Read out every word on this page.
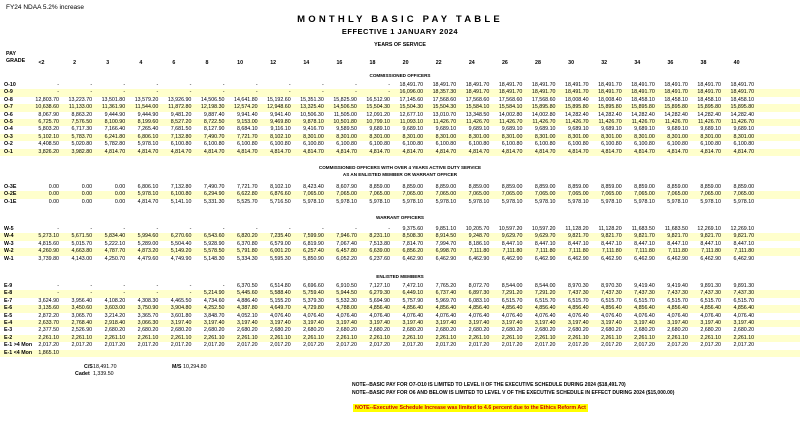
FY24 NDAA 5.2% increase
MONTHLY BASIC PAY TABLE
EFFECTIVE 1 JANUARY 2024
YEARS OF SERVICE
PAY
GRADE	<2	2	3	4	6	8	10	12	14	16	18	20	22	24	26	28	30	32	34	36	38	40
COMMISSIONED OFFICERS
O-10	-	-	-	-	-	-	-	-	-	-	-	18,491.70	18,491.70	18,491.70	18,491.70	18,491.70	18,491.70	18,491.70	18,491.70	18,491.70	18,491.70	18,491.70
O-9	-	-	-	-	-	-	-	-	-	-	-	16,096.00	18,357.30	18,491.70	18,491.70	18,491.70	18,491.70	18,491.70	18,491.70	18,491.70	18,491.70	18,491.70
O-8	12,803.70	13,223.70	13,501.80	13,579.20	13,926.90	14,506.50	14,641.80	15,192.60	15,351.30	15,825.90	16,512.90	17,145.60	17,568.60	17,568.60	17,568.60	17,568.60	18,008.40	18,008.40	18,458.10	18,458.10	18,458.10	18,458.10
O-7	10,638.60	11,133.00	11,361.90	11,544.00	11,872.80	12,198.30	12,574.20	12,948.60	13,325.40	14,506.50	15,504.30	15,504.30	15,504.30	15,584.10	15,584.10	15,895.80	15,895.80	15,895.80	15,895.80	15,895.80	15,895.80	15,895.80
O-6	8,067.90	8,863.20	9,444.90	9,444.90	9,481.20	9,887.40	9,941.40	9,941.40	10,506.30	11,505.00	12,091.20	12,677.10	13,010.70	13,348.50	14,002.80	14,002.80	14,282.40	14,282.40	14,282.40	14,282.40	14,282.40	14,282.40
O-5	6,725.70	7,576.50	8,100.90	8,199.60	8,527.20	8,722.50	9,153.00	9,469.80	9,878.10	10,501.80	10,799.10	11,093.10	11,426.70	11,426.70	11,426.70	11,426.70	11,426.70	11,426.70	11,426.70	11,426.70	11,426.70	11,426.70
O-4	5,803.20	6,717.30	7,166.40	7,265.40	7,681.50	8,127.90	8,684.10	9,116.10	9,416.70	9,589.50	9,689.10	9,689.10	9,689.10	9,689.10	9,689.10	9,689.10	9,689.10	9,689.10	9,689.10	9,689.10	9,689.10	9,689.10
O-3	5,102.10	5,783.70	6,241.80	6,806.10	7,132.80	7,490.70	7,721.70	8,102.10	8,301.00	8,301.00	8,301.00	8,301.00	8,301.00	8,301.00	8,301.00	8,301.00	8,301.00	8,301.00	8,301.00	8,301.00	8,301.00	8,301.00
O-2	4,408.50	5,020.80	5,782.80	5,978.10	6,100.80	6,100.80	6,100.80	6,100.80	6,100.80	6,100.80	6,100.80	6,100.80	6,100.80	6,100.80	6,100.80	6,100.80	6,100.80	6,100.80	6,100.80	6,100.80	6,100.80	6,100.80
O-1	3,826.20	3,982.80	4,814.70	4,814.70	4,814.70	4,814.70	4,814.70	4,814.70	4,814.70	4,814.70	4,814.70	4,814.70	4,814.70	4,814.70	4,814.70	4,814.70	4,814.70	4,814.70	4,814.70	4,814.70	4,814.70	4,814.70
COMMISSIONED OFFICERS WITH OVER 4 YEARS ACTIVE DUTY SERVICE
AS AN ENLISTED MEMBER OR WARRANT OFFICER
O-3E	0.00	0.00	0.00	6,806.10	7,132.80	7,490.70	7,721.70	8,102.10	8,423.40	8,607.90	8,859.00	8,859.00	8,859.00	8,859.00	8,859.00	8,859.00	8,859.00	8,859.00	8,859.00	8,859.00	8,859.00	8,859.00
O-2E	0.00	0.00	0.00	5,978.10	6,100.80	6,294.90	6,622.80	6,876.60	7,065.00	7,065.00	7,065.00	7,065.00	7,065.00	7,065.00	7,065.00	7,065.00	7,065.00	7,065.00	7,065.00	7,065.00	7,065.00	7,065.00
O-1E	0.00	0.00	0.00	4,814.70	5,141.10	5,331.30	5,525.70	5,716.50	5,978.10	5,978.10	5,978.10	5,978.10	5,978.10	5,978.10	5,978.10	5,978.10	5,978.10	5,978.10	5,978.10	5,978.10	5,978.10	5,978.10
WARRANT OFFICERS
W-5	-	-	-	-	-	-	-	-	-	-	-	9,375.60	9,851.10	10,205.70	10,597.20	10,597.20	11,128.20	11,128.20	11,683.50	11,683.50	12,269.10	12,269.10
W-4	5,273.10	5,671.50	5,834.40	5,994.60	6,270.60	6,543.60	6,820.20	7,235.40	7,599.90	7,946.70	8,231.10	8,508.30	8,914.50	9,248.70	9,629.70	9,629.70	9,821.70	9,821.70	9,821.70	9,821.70	9,821.70	9,821.70
W-3	4,815.60	5,015.70	5,222.10	5,289.00	5,504.40	5,928.90	6,370.80	6,579.00	6,819.90	7,067.40	7,513.80	7,814.70	7,994.70	8,186.10	8,447.10	8,447.10	8,447.10	8,447.10	8,447.10	8,447.10	8,447.10	8,447.10
W-2	4,260.90	4,663.80	4,787.70	4,873.20	5,149.20	5,578.50	5,791.80	6,001.20	6,257.40	6,457.80	6,639.00	6,856.20	6,998.70	7,111.80	7,111.80	7,111.80	7,111.80	7,111.80	7,111.80	7,111.80	7,111.80	7,111.80
W-1	3,739.80	4,143.00	4,250.70	4,479.60	4,749.90	5,148.30	5,334.30	5,595.30	5,850.90	6,052.20	6,237.60	6,462.90	6,462.90	6,462.90	6,462.90	6,462.90	6,462.90	6,462.90	6,462.90	6,462.90	6,462.90	6,462.90
ENLISTED MEMBERS
E-9	-	-	-	-	-	-	6,370.50	6,514.80	6,696.60	6,910.50	7,127.10	7,472.10	7,765.20	8,072.70	8,544.00	8,544.00	8,970.30	8,970.30	9,419.40	9,419.40	9,891.30	9,891.30
E-8	-	-	-	-	-	5,214.90	5,445.60	5,588.40	5,759.40	5,944.50	6,279.30	6,449.10	6,737.40	6,897.30	7,291.20	7,291.20	7,437.30	7,437.30	7,437.30	7,437.30	7,437.30	7,437.30
E-7	3,624.90	3,956.40	4,108.20	4,308.30	4,465.50	4,734.60	4,886.40	5,155.20	5,379.30	5,532.30	5,694.90	5,757.90	5,969.70	6,083.10	6,515.70	6,515.70	6,515.70	6,515.70	6,515.70	6,515.70	6,515.70	6,515.70
E-6	3,135.60	3,450.60	3,603.00	3,750.90	3,904.80	4,252.50	4,387.80	4,649.70	4,729.80	4,788.00	4,856.40	4,856.40	4,856.40	4,856.40	4,856.40	4,856.40	4,856.40	4,856.40	4,856.40	4,856.40	4,856.40	4,856.40
E-5	2,872.20	3,065.70	3,214.20	3,365.70	3,601.80	3,848.70	4,052.10	4,076.40	4,076.40	4,076.40	4,076.40	4,076.40	4,076.40	4,076.40	4,076.40	4,076.40	4,076.40	4,076.40	4,076.40	4,076.40	4,076.40	4,076.40
E-4	2,633.70	2,768.40	2,918.40	3,066.30	3,197.40	3,197.40	3,197.40	3,197.40	3,197.40	3,197.40	3,197.40	3,197.40	3,197.40	3,197.40	3,197.40	3,197.40	3,197.40	3,197.40	3,197.40	3,197.40	3,197.40	3,197.40
E-3	2,377.50	2,526.90	2,680.20	2,680.20	2,680.20	2,680.20	2,680.20	2,680.20	2,680.20	2,680.20	2,680.20	2,680.20	2,680.20	2,680.20	2,680.20	2,680.20	2,680.20	2,680.20	2,680.20	2,680.20	2,680.20	2,680.20
E-2	2,261.10	2,261.10	2,261.10	2,261.10	2,261.10	2,261.10	2,261.10	2,261.10	2,261.10	2,261.10	2,261.10	2,261.10	2,261.10	2,261.10	2,261.10	2,261.10	2,261.10	2,261.10	2,261.10	2,261.10	2,261.10	2,261.10
E-1 >4 Mon	2,017.20	2,017.20	2,017.20	2,017.20	2,017.20	2,017.20	2,017.20	2,017.20	2,017.20	2,017.20	2,017.20	2,017.20	2,017.20	2,017.20	2,017.20	2,017.20	2,017.20	2,017.20	2,017.20	2,017.20	2,017.20	2,017.20
E-1 <4 Mon	1,865.10
C/S 18,491.70	M/S 10,294.80
Cadet 1,339.50
NOTE--BASIC PAY FOR O7-O10 IS LIMITED TO LEVEL II OF THE EXECUTIVE SCHEDULE DURING 2024 ($18,491.70)
NOTE--BASIC PAY FOR O6 AND BELOW IS LIMITED TO LEVEL V OF THE EXECUTIVE SCHEDULE IN EFFECT DURING 2024 ($15,000.00)
NOTE--Executive Schedule Increase was limited to 4.6 percent due to the Ethics Reform Act
